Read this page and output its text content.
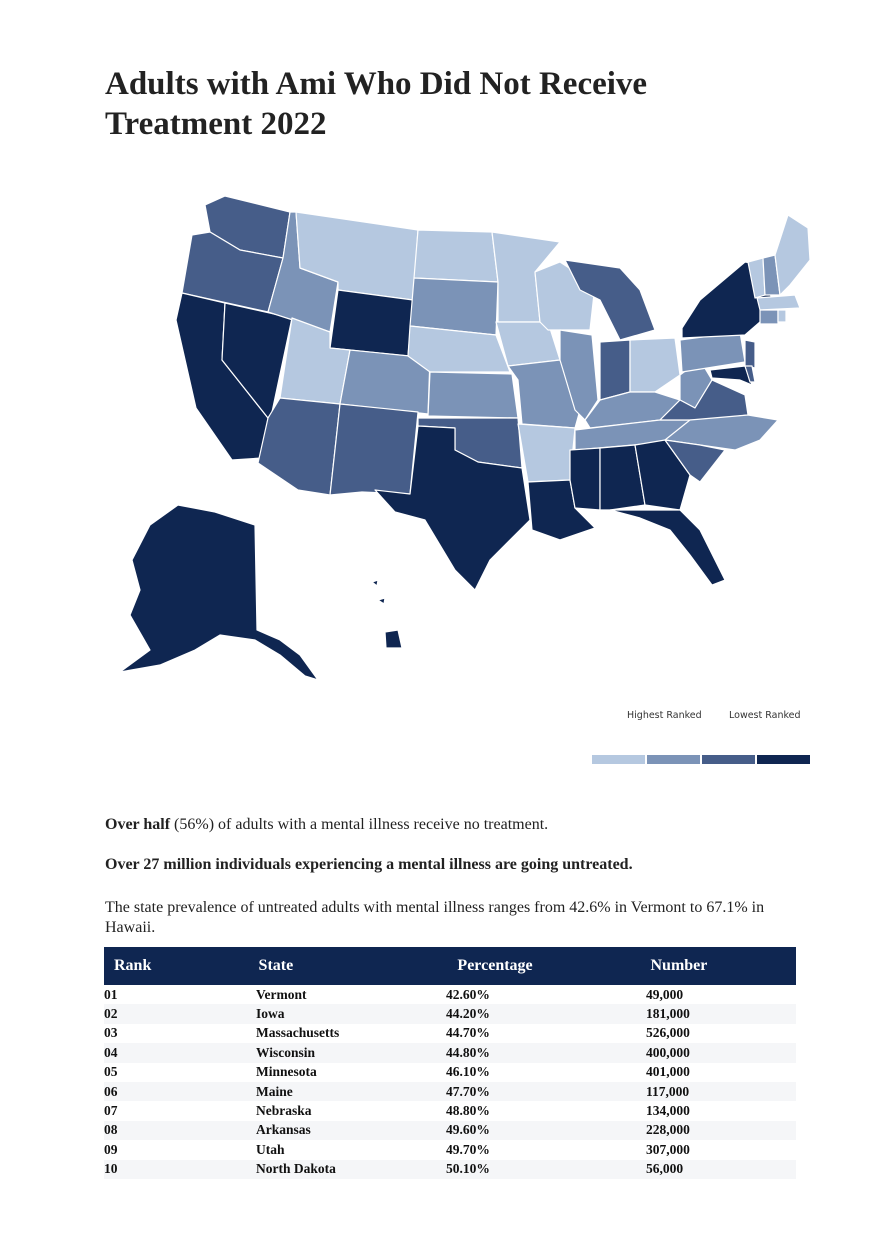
Adults with Ami Who Did Not Receive
Treatment 2022
Highest Ranked	Lowest Ranked

Over half (56%) of adults with a mental illness receive no treatment.

Over 27 million individuals experiencing a mental illness are going untreated.

The state prevalence of untreated adults with mental illness ranges from 42.6% in Vermont to 67.1% in Hawaii.

Rank	State	Percentage	Number
01	Vermont	42.60%	49,000
02	Iowa	44.20%	181,000
03	Massachusetts	44.70%	526,000
04	Wisconsin	44.80%	400,000
05	Minnesota	46.10%	401,000
06	Maine	47.70%	117,000
07	Nebraska	48.80%	134,000
08	Arkansas	49.60%	228,000
09	Utah	49.70%	307,000
10	North Dakota	50.10%	56,000
